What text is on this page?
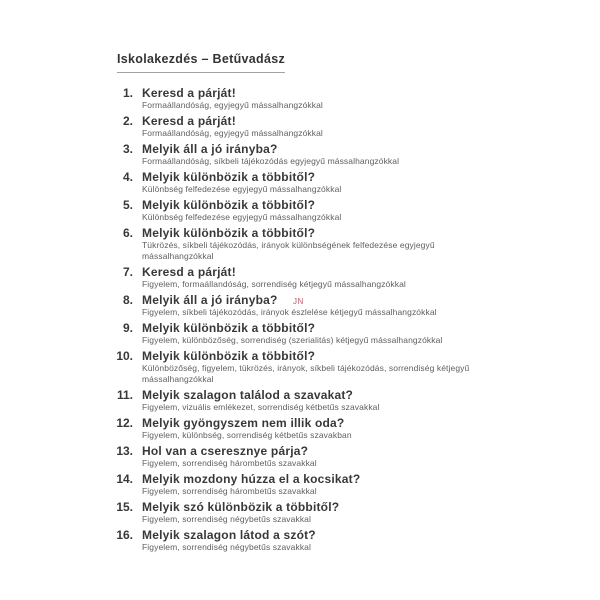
Iskolakezdés – Betűvadász
1. Keresd a párját!
Formaállandóság, egyjegyű mássalhangzókkal
2. Keresd a párját!
Formaállandóság, egyjegyű mássalhangzókkal
3. Melyik áll a jó irányba?
Formaállandóság, síkbeli tájékozódás egyjegyű mássalhangzókkal
4. Melyik különbözik a többitől?
Különbség felfedezése egyjegyű mássalhangzókkal
5. Melyik különbözik a többitől?
Különbség felfedezése egyjegyű mássalhangzókkal
6. Melyik különbözik a többitől?
Tükrözés, síkbeli tájékozódás, irányok különbségének felfedezése egyjegyű mássalhangzókkal
7. Keresd a párját!
Figyelem, formaállandóság, sorrendiség kétjegyű mássalhangzókkal
8. Melyik áll a jó irányba? JN
Figyelem, síkbeli tájékozódás, irányok észlelése kétjegyű mássalhangzókkal
9. Melyik különbözik a többitől?
Figyelem, különbözőség, sorrendiség (szerialitás) kétjegyű mássalhangzókkal
10. Melyik különbözik a többitől?
Különbözőség, figyelem, tükrözés, irányok, síkbeli tájékozódás, sorrendiség kétjegyű mássalhangzókkal
11. Melyik szalagon találod a szavakat?
Figyelem, vizuális emlékezet, sorrendiség kétbetűs szavakkal
12. Melyik gyöngyszem nem illik oda?
Figyelem, különbség, sorrendiség kétbetűs szavakban
13. Hol van a cseresznye párja?
Figyelem, sorrendiség hárombetűs szavakkal
14. Melyik mozdony húzza el a kocsikat?
Figyelem, sorrendiség hárombetűs szavakkal
15. Melyik szó különbözik a többitől?
Figyelem, sorrendiség négybetűs szavakkal
16. Melyik szalagon látod a szót?
Figyelem, sorrendiség négybetűs szavakkal
